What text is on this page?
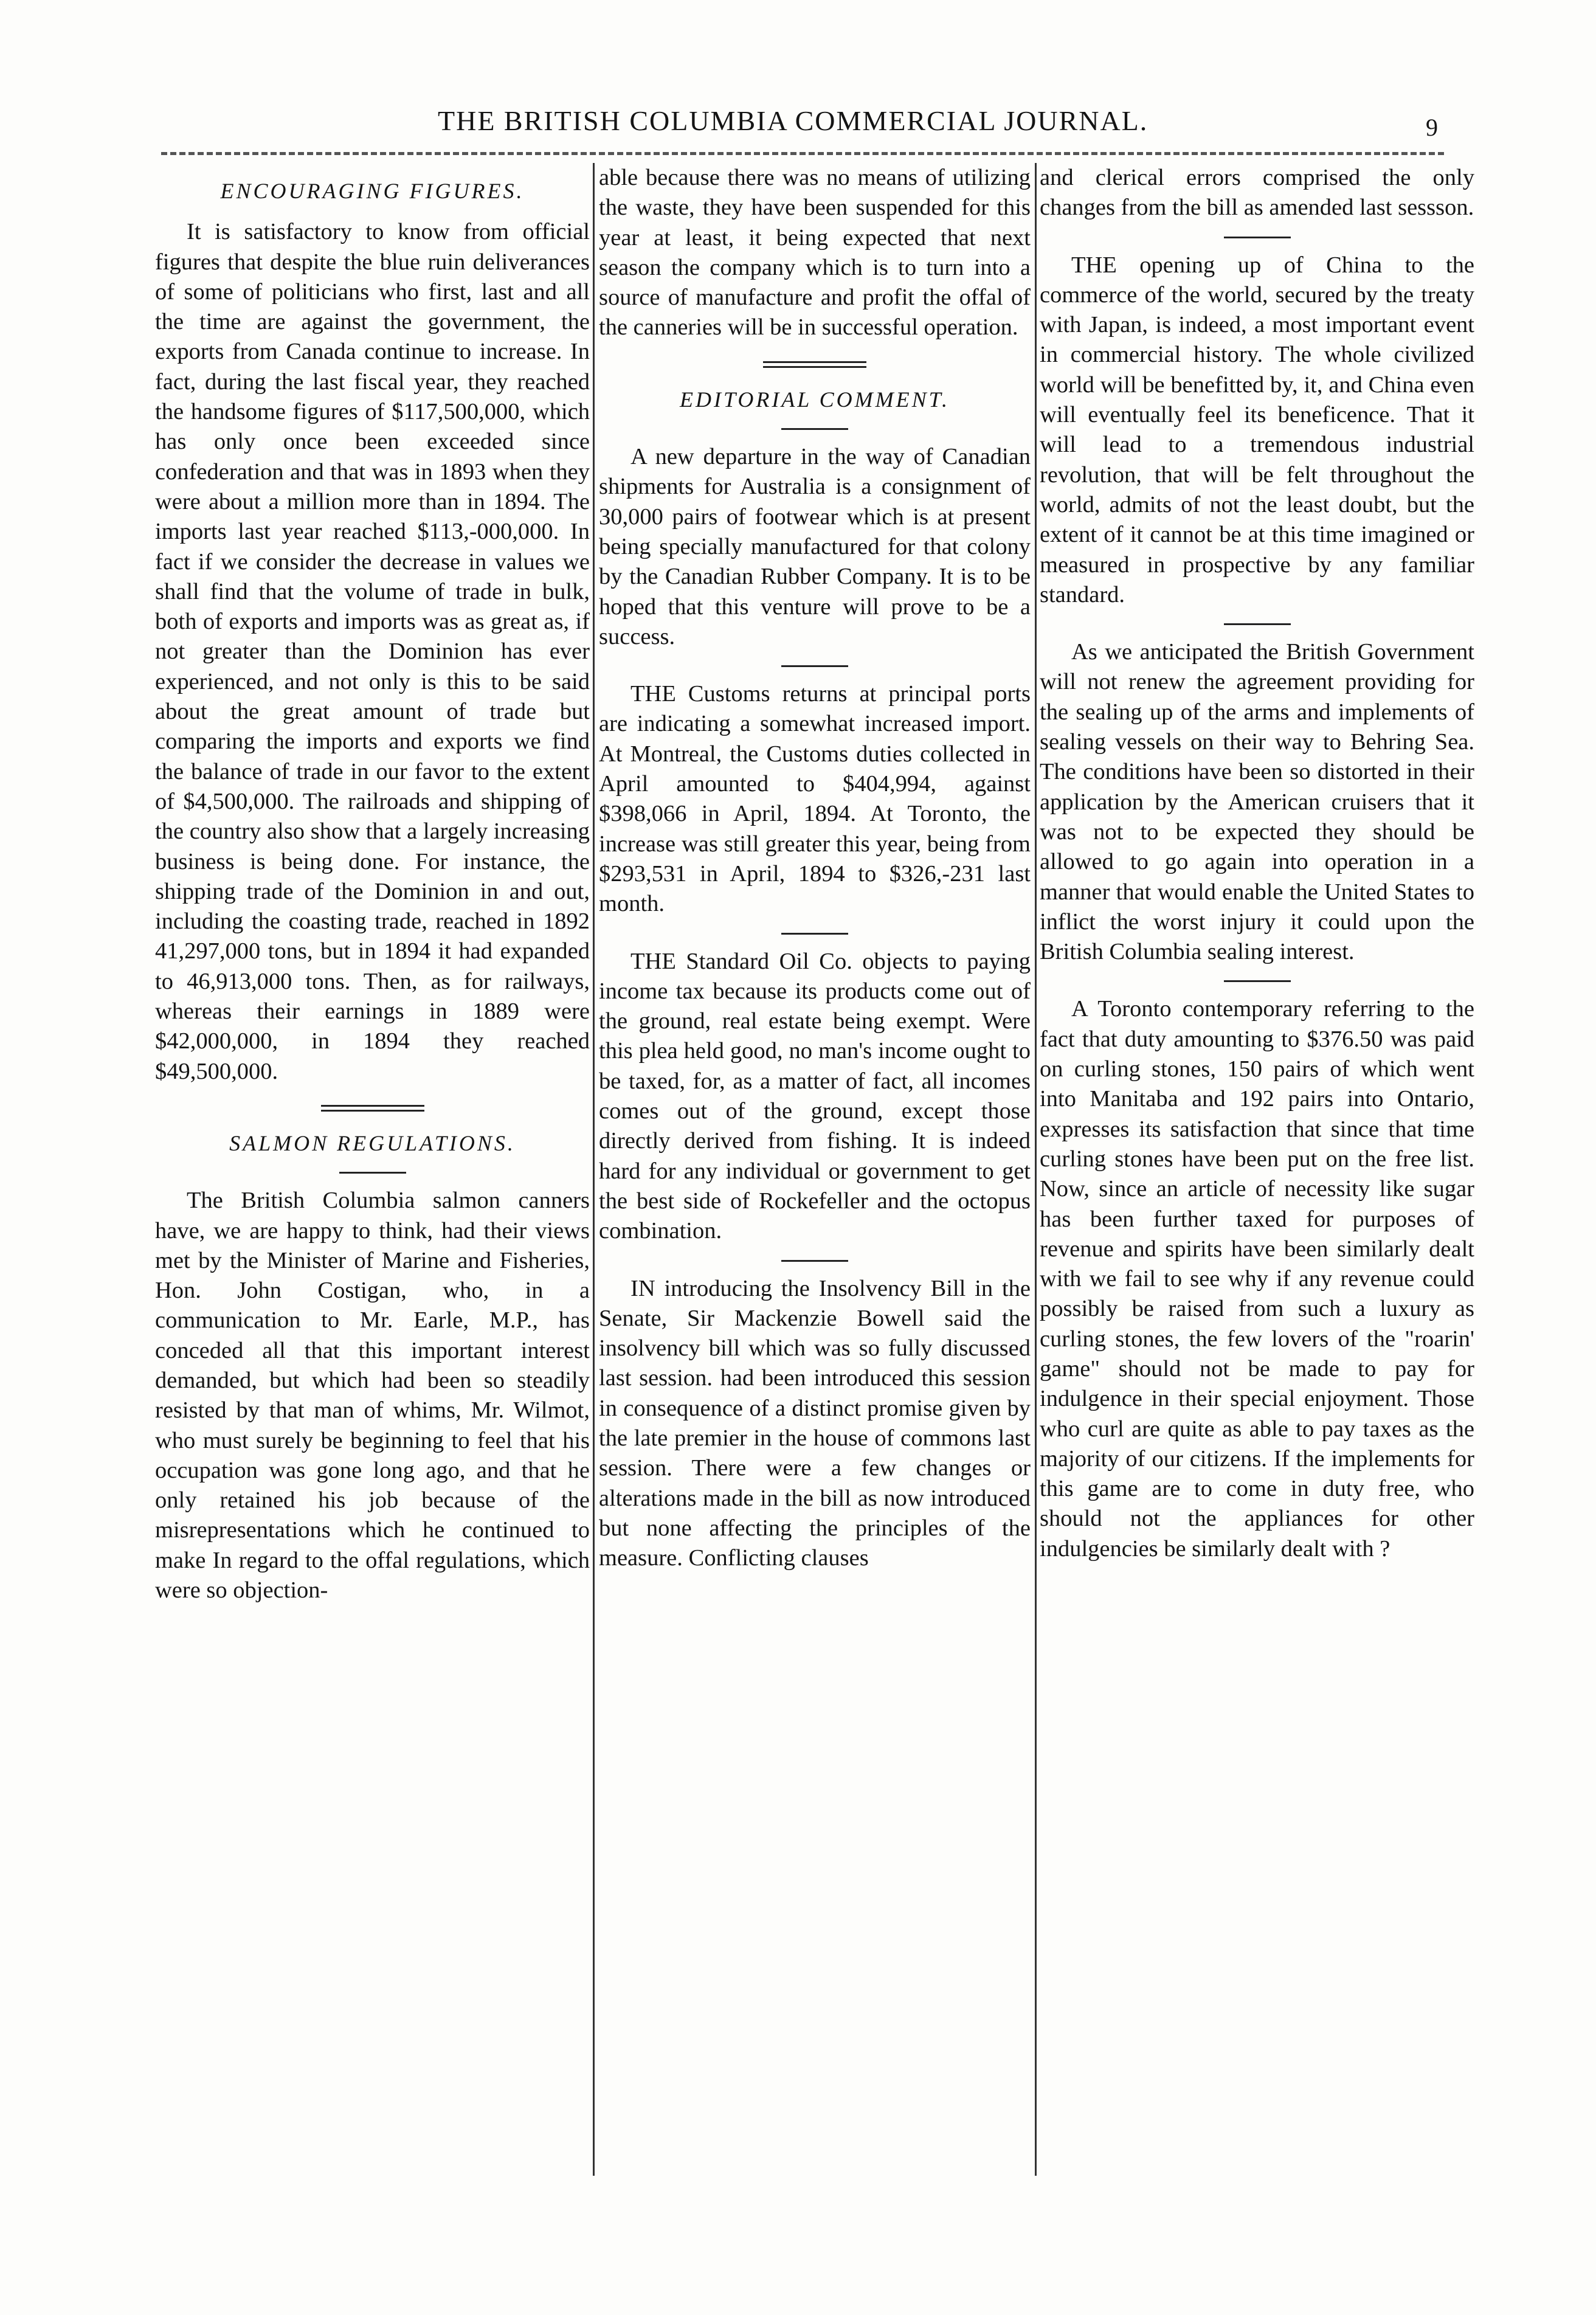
THE BRITISH COLUMBIA COMMERCIAL JOURNAL.	9
ENCOURAGING FIGURES.

It is satisfactory to know from official figures that despite the blue ruin deliverances of some of politicians who first, last and all the time are against the government, the exports from Canada continue to increase. In fact, during the last fiscal year, they reached the handsome figures of $117,500,000, which has only once been exceeded since confederation and that was in 1893 when they were about a million more than in 1894. The imports last year reached $113,-000,000. In fact if we consider the decrease in values we shall find that the volume of trade in bulk, both of exports and imports was as great as, if not greater than the Dominion has ever experienced, and not only is this to be said about the great amount of trade but comparing the imports and exports we find the balance of trade in our favor to the extent of $4,500,000. The railroads and shipping of the country also show that a largely increasing business is being done. For instance, the shipping trade of the Dominion in and out, including the coasting trade, reached in 1892 41,297,000 tons, but in 1894 it had expanded to 46,913,000 tons. Then, as for railways, whereas their earnings in 1889 were $42,000,000, in 1894 they reached $49,500,000.

SALMON REGULATIONS.

The British Columbia salmon canners have, we are happy to think, had their views met by the Minister of Marine and Fisheries, Hon. John Costigan, who, in a communication to Mr. Earle, M.P., has conceded all that this important interest demanded, but which had been so steadily resisted by that man of whims, Mr. Wilmot, who must surely be beginning to feel that his occupation was gone long ago, and that he only retained his job because of the misrepresentations which he continued to make In regard to the offal regulations, which were so objection-

able because there was no means of utilizing the waste, they have been suspended for this year at least, it being expected that next season the company which is to turn into a source of manufacture and profit the offal of the canneries will be in successful operation.

EDITORIAL COMMENT.

A new departure in the way of Canadian shipments for Australia is a consignment of 30,000 pairs of footwear which is at present being specially manufactured for that colony by the Canadian Rubber Company. It is to be hoped that this venture will prove to be a success.

THE Customs returns at principal ports are indicating a somewhat increased import. At Montreal, the Customs duties collected in April amounted to $404,994, against $398,066 in April, 1894. At Toronto, the increase was still greater this year, being from $293,531 in April, 1894 to $326,-231 last month.

THE Standard Oil Co. objects to paying income tax because its products come out of the ground, real estate being exempt. Were this plea held good, no man's income ought to be taxed, for, as a matter of fact, all incomes comes out of the ground, except those directly derived from fishing. It is indeed hard for any individual or government to get the best side of Rockefeller and the octopus combination.

IN introducing the Insolvency Bill in the Senate, Sir Mackenzie Bowell said the insolvency bill which was so fully discussed last session. had been introduced this session in consequence of a distinct promise given by the late premier in the house of commons last session. There were a few changes or alterations made in the bill as now introduced but none affecting the principles of the measure. Conflicting clauses

and clerical errors comprised the only changes from the bill as amended last sessson.

THE opening up of China to the commerce of the world, secured by the treaty with Japan, is indeed, a most important event in commercial history. The whole civilized world will be benefitted by, it, and China even will eventually feel its beneficence. That it will lead to a tremendous industrial revolution, that will be felt throughout the world, admits of not the least doubt, but the extent of it cannot be at this time imagined or measured in prospective by any familiar standard.

As we anticipated the British Government will not renew the agreement providing for the sealing up of the arms and implements of sealing vessels on their way to Behring Sea. The conditions have been so distorted in their application by the American cruisers that it was not to be expected they should be allowed to go again into operation in a manner that would enable the United States to inflict the worst injury it could upon the British Columbia sealing interest.

A Toronto contemporary referring to the fact that duty amounting to $376.50 was paid on curling stones, 150 pairs of which went into Manitaba and 192 pairs into Ontario, expresses its satisfaction that since that time curling stones have been put on the free list. Now, since an article of necessity like sugar has been further taxed for purposes of revenue and spirits have been similarly dealt with we fail to see why if any revenue could possibly be raised from such a luxury as curling stones, the few lovers of the "roarin' game" should not be made to pay for indulgence in their special enjoyment. Those who curl are quite as able to pay taxes as the majority of our citizens. If the implements for this game are to come in duty free, who should not the appliances for other indulgencies be similarly dealt with ?
